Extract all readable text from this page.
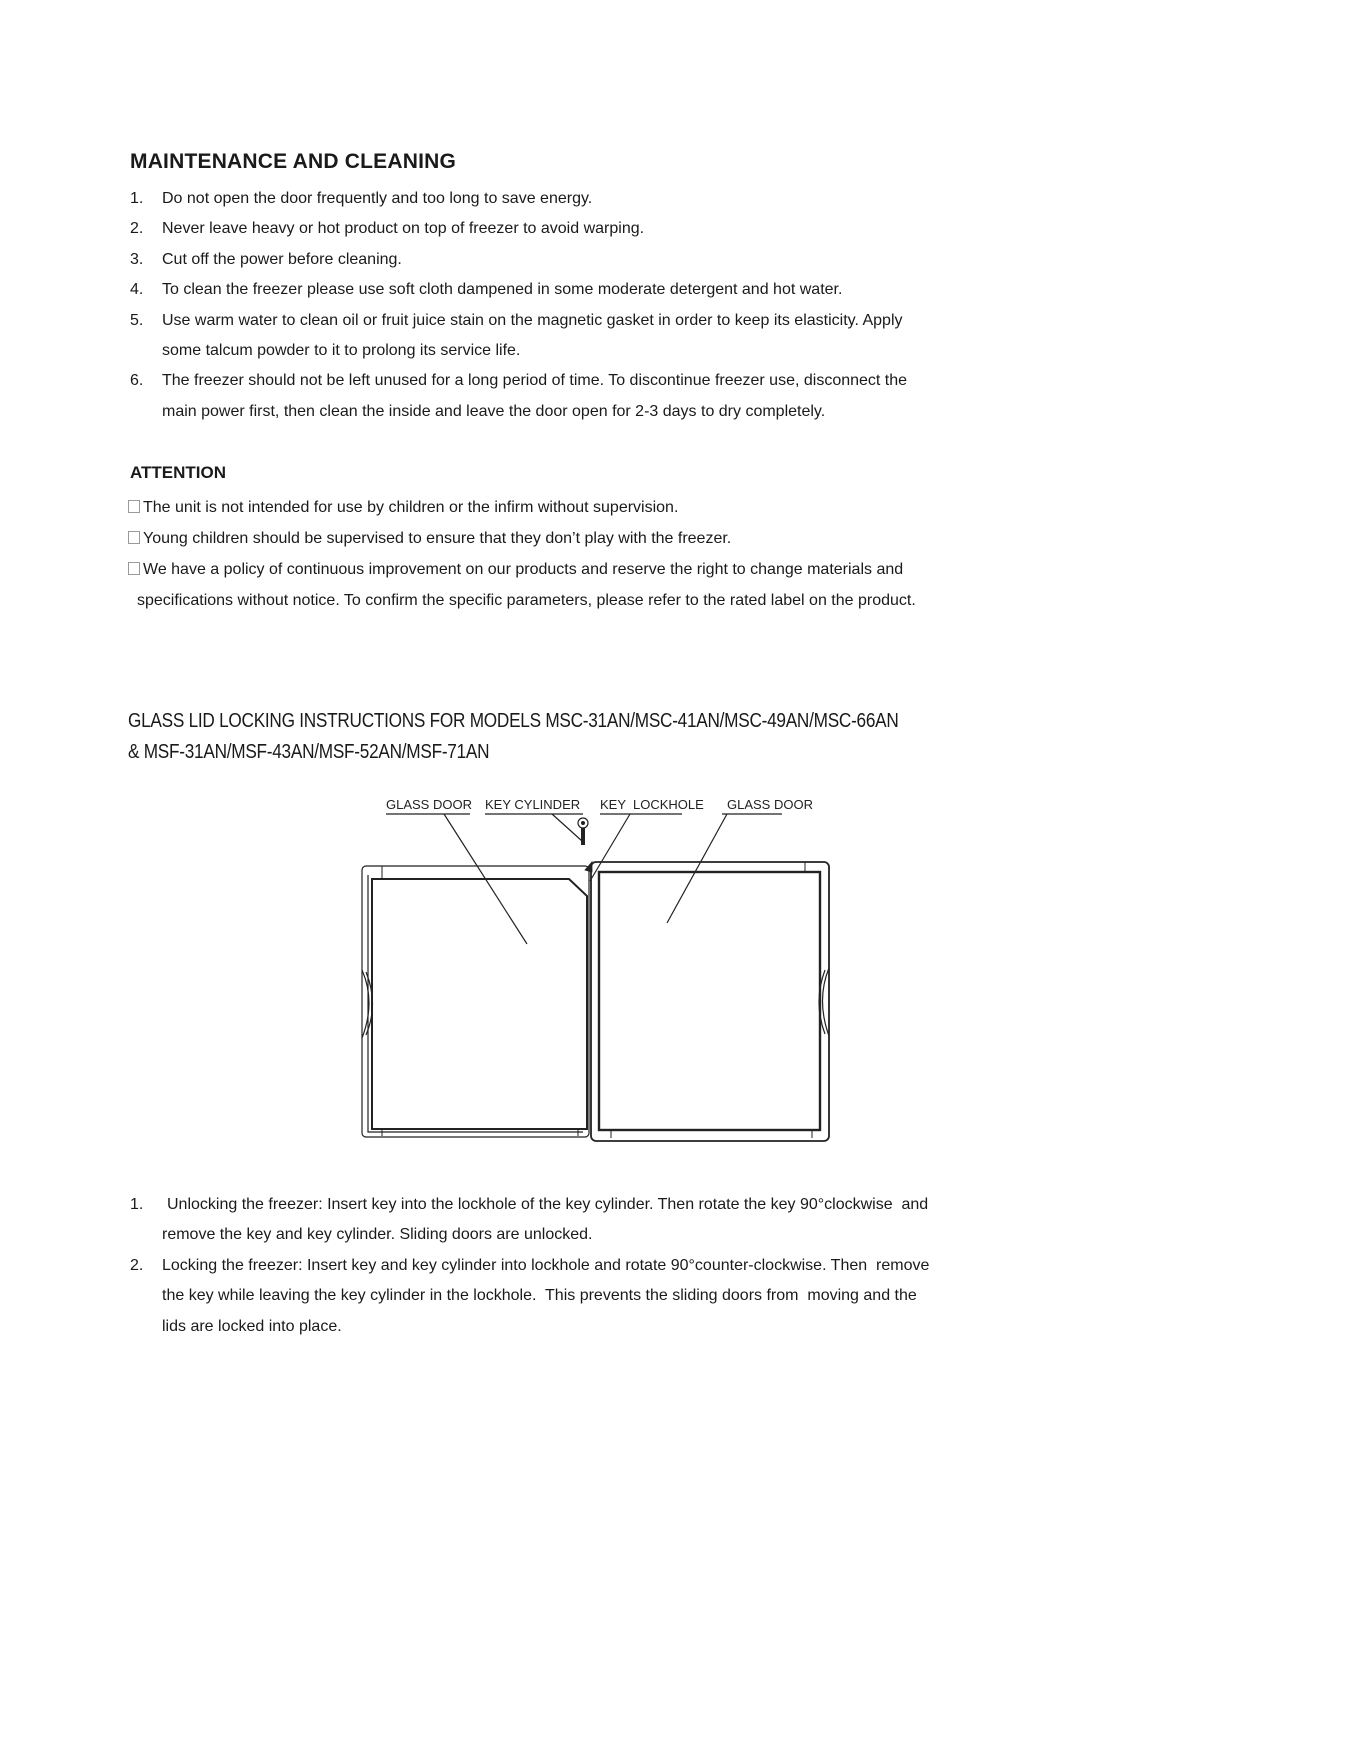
MAINTENANCE AND CLEANING
1. Do not open the door frequently and too long to save energy.
2. Never leave heavy or hot product on top of freezer to avoid warping.
3. Cut off the power before cleaning.
4. To clean the freezer please use soft cloth dampened in some moderate detergent and hot water.
5. Use warm water to clean oil or fruit juice stain on the magnetic gasket in order to keep its elasticity. Apply
some talcum powder to it to prolong its service life.
6. The freezer should not be left unused for a long period of time. To discontinue freezer use, disconnect the
main power first, then clean the inside and leave the door open for 2-3 days to dry completely.
ATTENTION
The unit is not intended for use by children or the infirm without supervision.
Young children should be supervised to ensure that they don’t play with the freezer.
We have a policy of continuous improvement on our products and reserve the right to change materials and
specifications without notice. To confirm the specific parameters, please refer to the rated label on the product.
GLASS LID LOCKING INSTRUCTIONS FOR MODELS MSC-31AN/MSC-41AN/MSC-49AN/MSC-66AN
& MSF-31AN/MSF-43AN/MSF-52AN/MSF-71AN
GLASS DOOR KEY CYLINDER KEY  LOCKHOLE GLASS DOOR
1. Unlocking the freezer: Insert key into the lockhole of the key cylinder. Then rotate the key 90°clockwise  and
remove the key and key cylinder. Sliding doors are unlocked.
2. Locking the freezer: Insert key and key cylinder into lockhole and rotate 90°counter-clockwise. Then  remove
the key while leaving the key cylinder in the lockhole.  This prevents the sliding doors from  moving and the
lids are locked into place.
